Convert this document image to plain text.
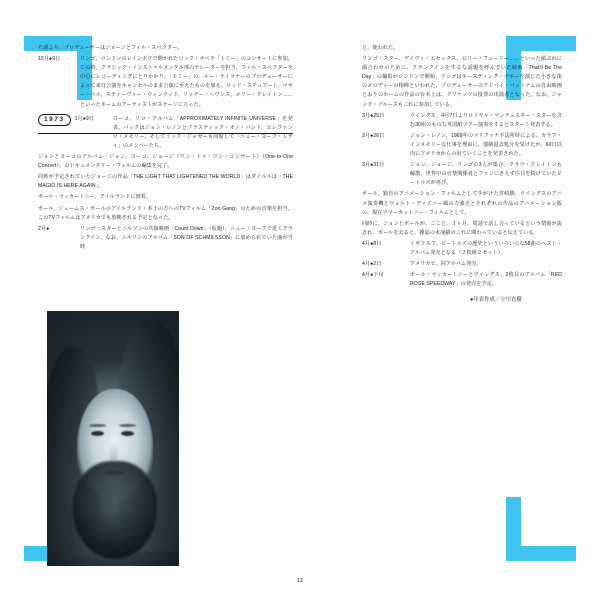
た頭より、プロデューサーはジョージとフィル・スペクター。
12月●9日	リンゴ、ロンドンのレインボウで開かれたロック・オペラ「トミー」のコンサートに参加。この時、クラシック・インストゥルメンタル部のナレーターを担当。フィル・スペクターを中心にレコーディングにとりかかり、「エミー」の、ルー・ライツナーのプロデューサーによって来日公演をキャンセルのまま公演に至えたものを加え、ロッド・スチュアート、マギー・ベル、スティーヴィー・ウィンウッド、リッチー・ヘヴンス、メリー・クレイトン……といったネームのアーティストがステージに立った。
1973	1月●9日	ヨーコ、ソロ・アルバム「APPROXIMATELY INFINITE UNIVERSE」を発表。バックはジョン・レノンとプラスティック・オノ・バンド、エレファンツ・メモリー、そしてミック・ジャガーも同席して「ニュー・ヨーク・シティ」のメンバーたち。
ジョンとヨーコのアルバム「ジョン、ヨーコ、ジョージ（ワン・トゥ・ワン・コンサート）（One-to-One Concert）」のドキュメンタリー・フィルムの編集を完了。
同席が予定されていたジョージの作品「THE LIGHT THAT LIGHTENED THE WORLD」はダイルルは「THE MAGIO IS HERE AGAIN」。
ポール・マッカートニー、アイルランドに到着。
ポール、ジェームス・ポールのアイルランド・本土の方へのTVフィルム「Zoo Gang」のための音楽を担当。このTVフィルムはアメリカでも放映される予定となった。
2月●	リンゴ・スターとニルソンの共演映画「Count Down」（仮題）、ニュー・ヨークで近くクランクイン。なお、ニルソンのアルバム「SON OF SCHMILSSON」に収められていた曲が当時
と、使われた。
リンゴ・スター、デイヴィ・エセックス、ビリー・フューリー……といった顔ぶれに顔合わせのために、クランクインをするな話題を呼んでいた映画「That'll Be The Day」の撮影がロンドンで開始。リンゴはキースティング・ボギーを演じた小さな街のメロディーの相棒といわれた、プロデューサーのアドバイ・バットナムの自由映画とおりのホームの作品の台本上は、クリケッツの投票の出演者となった。なお、ジャック・ブルースもこれに参加している。
3月●25日	ウイングス、4月7日よりロイヤル・マンチェスター・スターを含む30組のものな英国紙ツアー演奏をするとスタート発表する。
3月●26日	ジョン・レノン、1968年のマリファナ不法所持による、カラフ・インメモリーな仕事を理由に、強制退去処分を受けたが、60日以内にアメリカからの出ていくことを発表された。
3月●31日	ジョン、ジョージ、リンゴの3人が集合、クラウ・クレイトンも解散。世界中の音楽関係者とファンにさえず注目を続けていたビートルズが再び。
ポール、独自のアニメーション・フィルムとして手がけた宮崎駿、ウイングスのアニメ演奏機とウォルト・ディズニー風の力強さとそれぞれの作品のアニメーション版の、現在ウマーカットニー・フィルムとして。
同時に、ジョンとポールが、ここと、３ヶ月、電話で話し合っているという情報が流され、ポールを去ると、雑誌の未成績のこれに関わっていると伝えている。
4月●8日	イギリスで、ビートルズの歴史といういろいろな58曲のベスト・アルバム発売となる（２枚組２セット）。
4月●2日	アメリカで、同アルバム発売。
4月●下旬	ポール・マッカートニーとウイングス、2枚目のアルバム「RED ROSE SPEEDWAY」の発売を予定。
●年表作成／立川直樹
12
